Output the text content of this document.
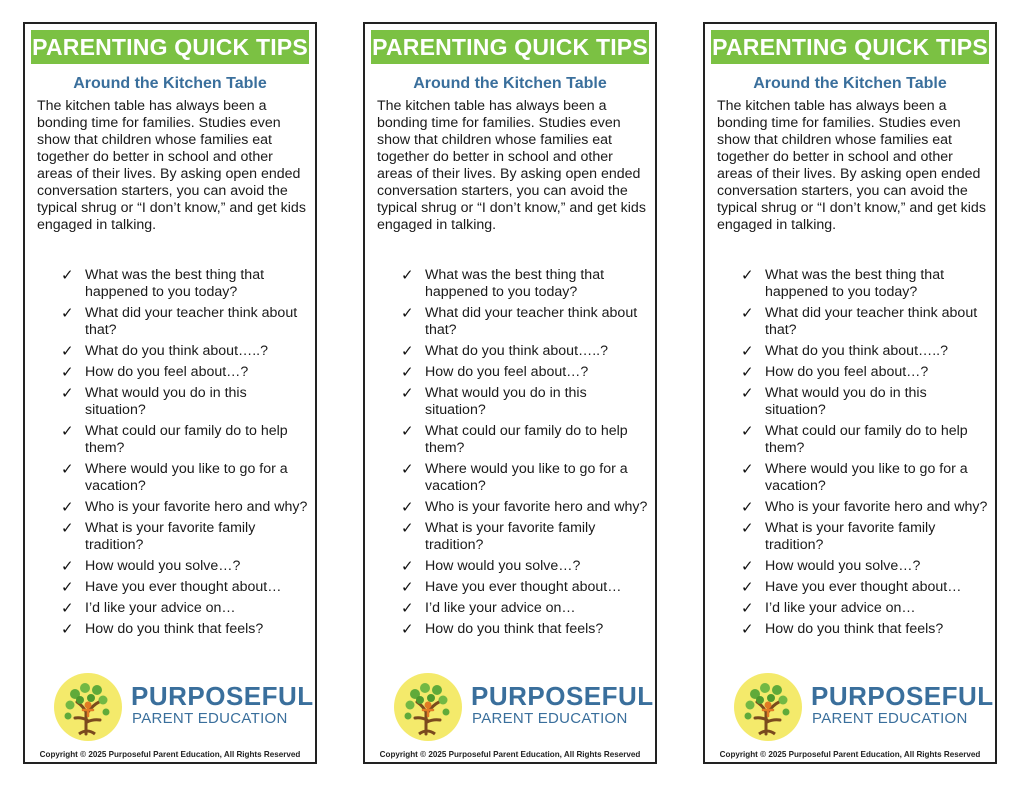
PARENTING QUICK TIPS
Around the Kitchen Table

The kitchen table has always been a bonding time for families. Studies even show that children whose families eat together do better in school and other areas of their lives. By asking open ended conversation starters, you can avoid the typical shrug or “I don’t know,” and get kids engaged in talking.

✓ What was the best thing that happened to you today?
✓ What did your teacher think about that?
✓ What do you think about…..?
✓ How do you feel about…?
✓ What would you do in this situation?
✓ What could our family do to help them?
✓ Where would you like to go for a vacation?
✓ Who is your favorite hero and why?
✓ What is your favorite family tradition?
✓ How would you solve…?
✓ Have you ever thought about…
✓ I’d like your advice on…
✓ How do you think that feels?
PURPOSEFUL
PARENT EDUCATION
Copyright © 2025 Purposeful Parent Education, All Rights Reserved
PARENTING QUICK TIPS
Around the Kitchen Table

The kitchen table has always been a bonding time for families. Studies even show that children whose families eat together do better in school and other areas of their lives. By asking open ended conversation starters, you can avoid the typical shrug or “I don’t know,” and get kids engaged in talking.

✓ What was the best thing that happened to you today?
✓ What did your teacher think about that?
✓ What do you think about…..?
✓ How do you feel about…?
✓ What would you do in this situation?
✓ What could our family do to help them?
✓ Where would you like to go for a vacation?
✓ Who is your favorite hero and why?
✓ What is your favorite family tradition?
✓ How would you solve…?
✓ Have you ever thought about…
✓ I’d like your advice on…
✓ How do you think that feels?
PURPOSEFUL
PARENT EDUCATION
Copyright © 2025 Purposeful Parent Education, All Rights Reserved
PARENTING QUICK TIPS
Around the Kitchen Table

The kitchen table has always been a bonding time for families. Studies even show that children whose families eat together do better in school and other areas of their lives. By asking open ended conversation starters, you can avoid the typical shrug or “I don’t know,” and get kids engaged in talking.

✓ What was the best thing that happened to you today?
✓ What did your teacher think about that?
✓ What do you think about…..?
✓ How do you feel about…?
✓ What would you do in this situation?
✓ What could our family do to help them?
✓ Where would you like to go for a vacation?
✓ Who is your favorite hero and why?
✓ What is your favorite family tradition?
✓ How would you solve…?
✓ Have you ever thought about…
✓ I’d like your advice on…
✓ How do you think that feels?
PURPOSEFUL
PARENT EDUCATION
Copyright © 2025 Purposeful Parent Education, All Rights Reserved
